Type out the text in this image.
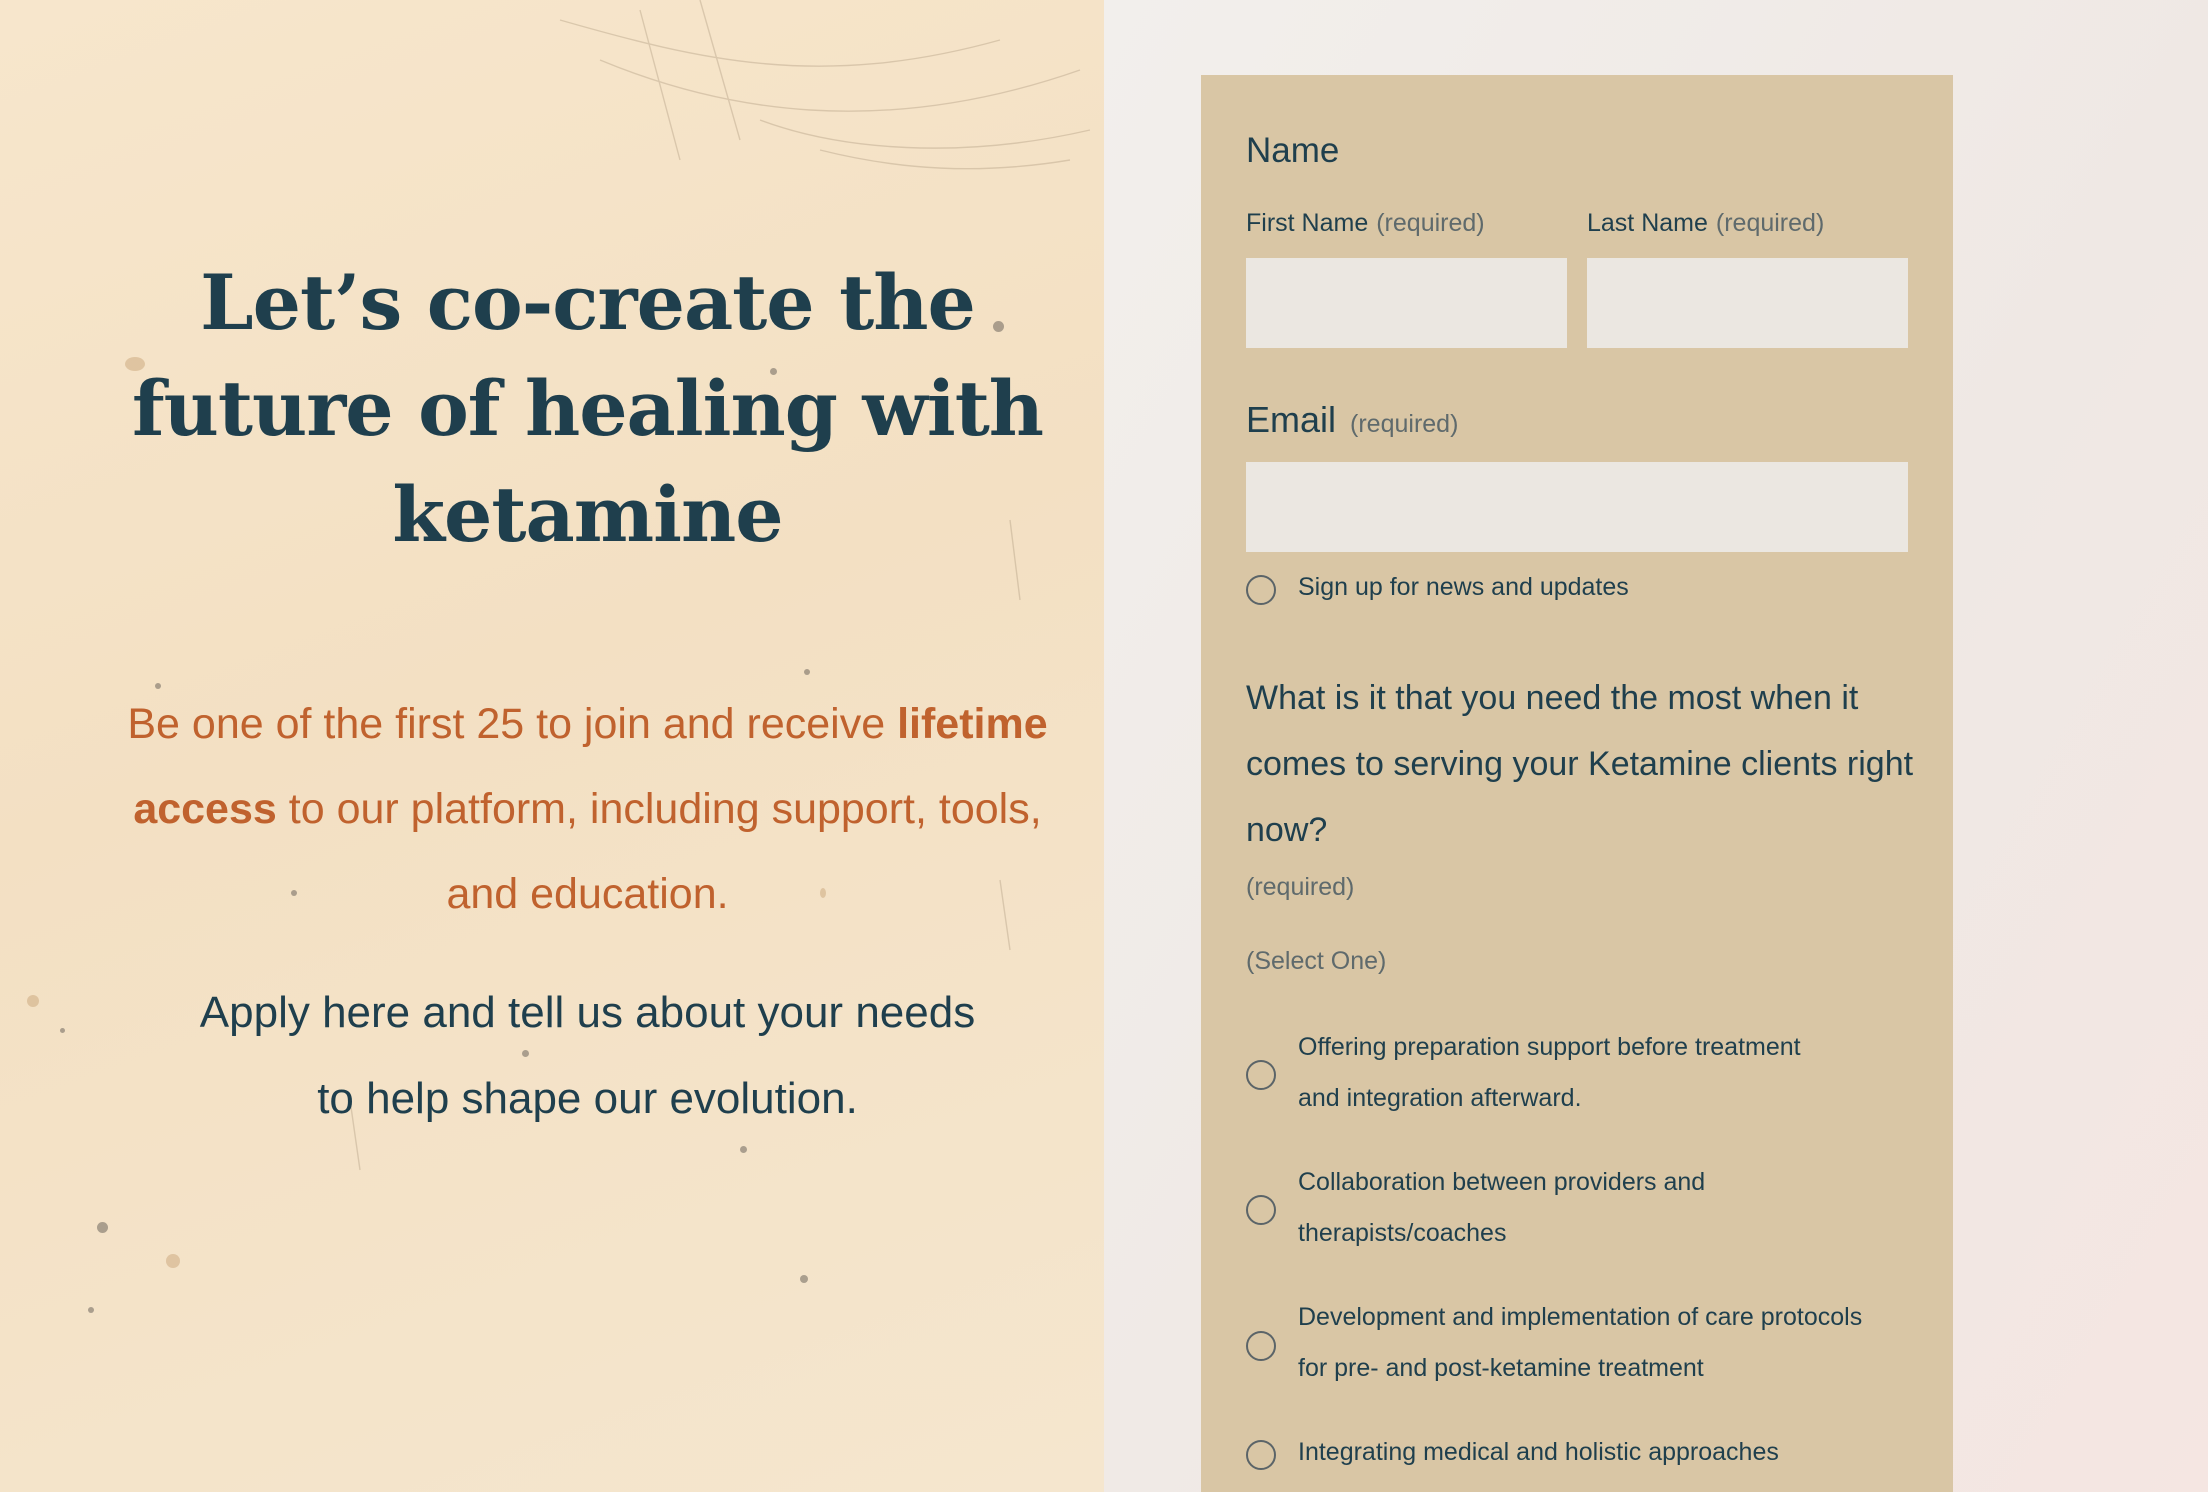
Let’s co-create the
future of healing with
ketamine

Be one of the first 25 to join and receive lifetime access to our platform, including support, tools, and education.

Apply here and tell us about your needs
to help shape our evolution.

Name
First Name (required)	Last Name (required)
Email (required)
Sign up for news and updates
What is it that you need the most when it comes to serving your Ketamine clients right now?
(required)
(Select One)
Offering preparation support before treatment
and integration afterward.
Collaboration between providers and
therapists/coaches
Development and implementation of care protocols
for pre- and post-ketamine treatment
Integrating medical and holistic approaches
